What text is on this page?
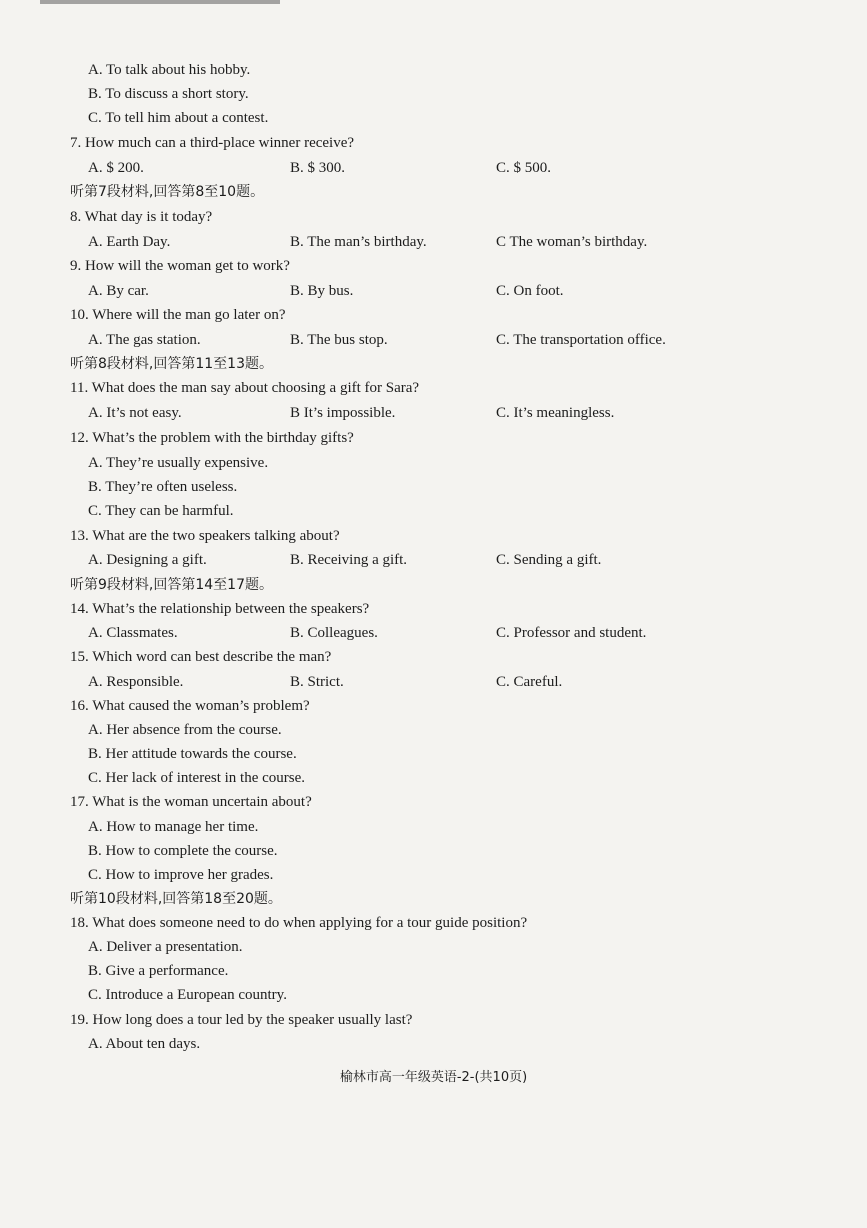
A. To talk about his hobby.
B. To discuss a short story.
C. To tell him about a contest.
7. How much can a third-place winner receive?
A. $ 200.	B. $ 300.	C. $ 500.
听第7段材料,回答第8至10题。
8. What day is it today?
A. Earth Day.	B. The man’s birthday.	C The woman’s birthday.
9. How will the woman get to work?
A. By car.	B. By bus.	C. On foot.
10. Where will the man go later on?
A. The gas station.	B. The bus stop.	C. The transportation office.
听第8段材料,回答第11至13题。
11. What does the man say about choosing a gift for Sara?
A. It’s not easy.	B It’s impossible.	C. It’s meaningless.
12. What’s the problem with the birthday gifts?
A. They’re usually expensive.
B. They’re often useless.
C. They can be harmful.
13. What are the two speakers talking about?
A. Designing a gift.	B. Receiving a gift.	C. Sending a gift.
听第9段材料,回答第14至17题。
14. What’s the relationship between the speakers?
A. Classmates.	B. Colleagues.	C. Professor and student.
15. Which word can best describe the man?
A. Responsible.	B. Strict.	C. Careful.
16. What caused the woman’s problem?
A. Her absence from the course.
B. Her attitude towards the course.
C. Her lack of interest in the course.
17. What is the woman uncertain about?
A. How to manage her time.
B. How to complete the course.
C. How to improve her grades.
听第10段材料,回答第18至20题。
18. What does someone need to do when applying for a tour guide position?
A. Deliver a presentation.
B. Give a performance.
C. Introduce a European country.
19. How long does a tour led by the speaker usually last?
A. About ten days.
榆林市高一年级英语-2-(共10页)
